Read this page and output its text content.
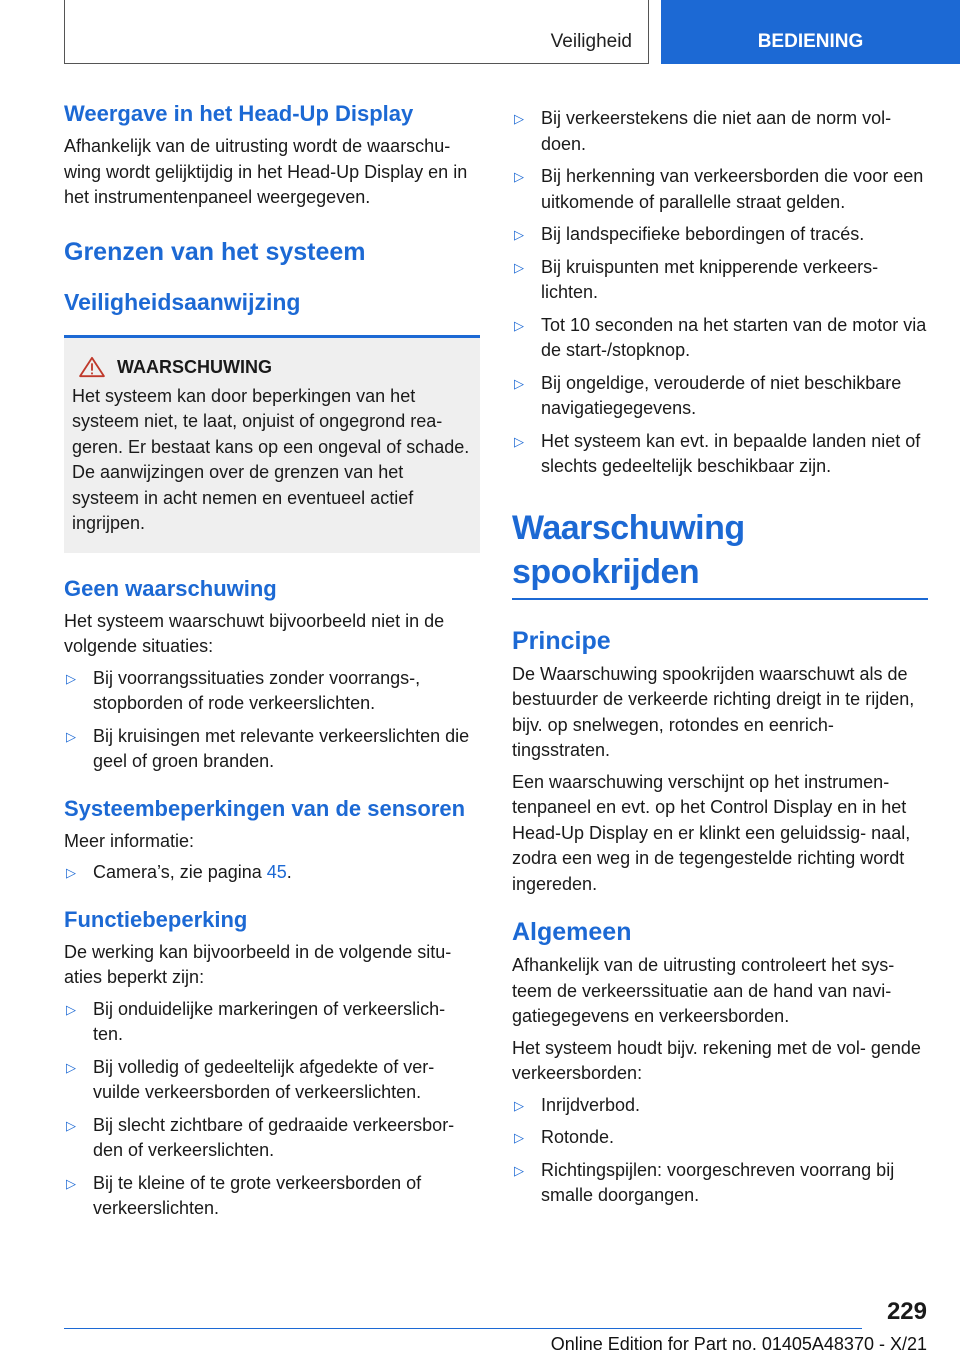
Veiligheid	BEDIENING
Weergave in het Head-Up Display

Afhankelijk van de uitrusting wordt de waarschu‐ wing wordt gelijktijdig in het Head-Up Display en in het instrumentenpaneel weergegeven.

Grenzen van het systeem
Veiligheidsaanwijzing
WAARSCHUWING

Het systeem kan door beperkingen van het systeem niet, te laat, onjuist of ongegrond rea‐ geren. Er bestaat kans op een ongeval of schade. De aanwijzingen over de grenzen van het systeem in acht nemen en eventueel actief ingrijpen.

Geen waarschuwing

Het systeem waarschuwt bijvoorbeeld niet in de volgende situaties:

▷ Bij voorrangssituaties zonder voorrangs-, stopborden of rode verkeerslichten.
▷ Bij kruisingen met relevante verkeerslichten die geel of groen branden.
Systeembeperkingen van de sensoren

Meer informatie:

▷ Camera’s, zie pagina 45.
Functiebeperking

De werking kan bijvoorbeeld in de volgende situ‐ aties beperkt zijn:

▷ Bij onduidelijke markeringen of verkeerslich‐ ten.
▷ Bij volledig of gedeeltelijk afgedekte of ver‐ vuilde verkeersborden of verkeerslichten.
▷ Bij slecht zichtbare of gedraaide verkeersbor‐ den of verkeerslichten.
▷ Bij te kleine of te grote verkeersborden of verkeerslichten.
▷ Bij verkeerstekens die niet aan de norm vol‐ doen.
▷ Bij herkenning van verkeersborden die voor een uitkomende of parallelle straat gelden.
▷ Bij landspecifieke bebordingen of tracés.
▷ Bij kruispunten met knipperende verkeers‐ lichten.
▷ Tot 10 seconden na het starten van de motor via de start-/stopknop.
▷ Bij ongeldige, verouderde of niet beschikbare navigatiegegevens.
▷ Het systeem kan evt. in bepaalde landen niet of slechts gedeeltelijk beschikbaar zijn.
Waarschuwing spookrijden
Principe

De Waarschuwing spookrijden waarschuwt als de bestuurder de verkeerde richting dreigt in te rijden, bijv. op snelwegen, rotondes en eenrich‐ tingsstraten.

Een waarschuwing verschijnt op het instrumen‐ tenpaneel en evt. op het Control Display en in het Head-Up Display en er klinkt een geluidssig‐ naal, zodra een weg in de tegengestelde richting wordt ingereden.

Algemeen

Afhankelijk van de uitrusting controleert het sys‐ teem de verkeerssituatie aan de hand van navi‐ gatiegegevens en verkeersborden.

Het systeem houdt bijv. rekening met de vol‐ gende verkeersborden:

▷ Inrijdverbod.
▷ Rotonde.
▷ Richtingspijlen: voorgeschreven voorrang bij smalle doorgangen.
229
Online Edition for Part no. 01405A48370 - X/21
